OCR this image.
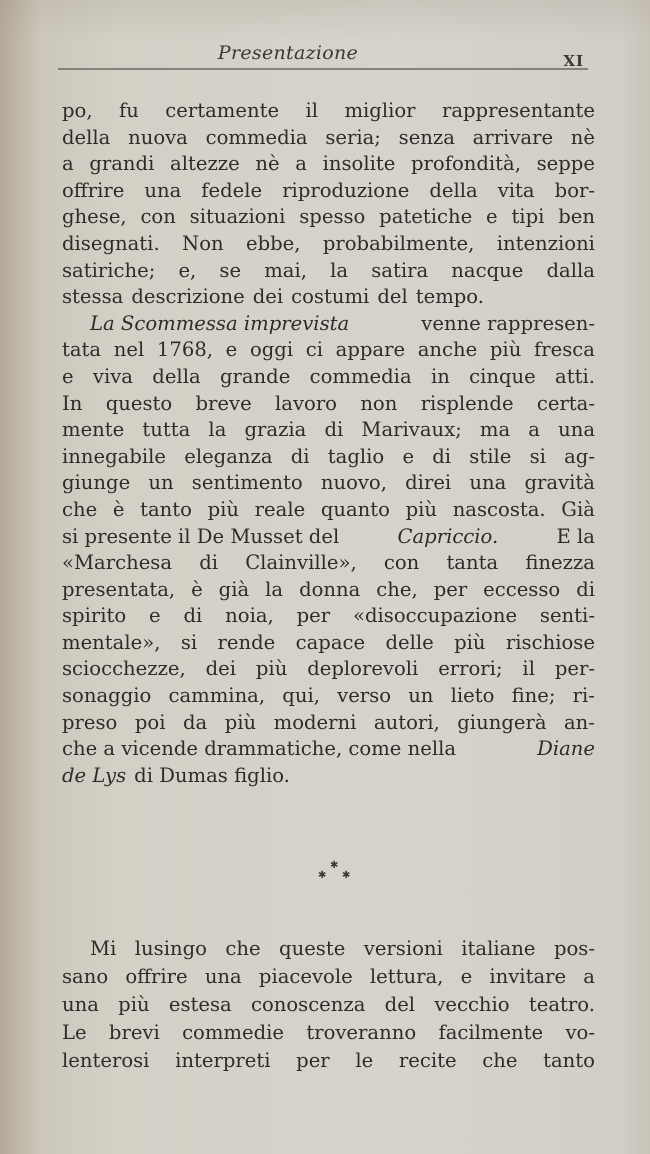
Presentazione	XI
po, fu certamente il miglior rappresentante
della nuova commedia seria; senza arrivare nè
a grandi altezze nè a insolite profondità, seppe
offrire una fedele riproduzione della vita bor-
ghese, con situazioni spesso patetiche e tipi ben
disegnati. Non ebbe, probabilmente, intenzioni
satiriche; e, se mai, la satira nacque dalla
stessa descrizione dei costumi del tempo.
La Scommessa imprevista	venne rappresen-
tata nel 1768, e oggi ci appare anche più fresca
e viva della grande commedia in cinque atti.
In questo breve lavoro non risplende certa-
mente tutta la grazia di Marivaux; ma a una
innegabile eleganza di taglio e di stile si ag-
giunge un sentimento nuovo, direi una gravità
che è tanto più reale quanto più nascosta. Già
si presente il De Musset del	Capriccio.	E la
«Marchesa di Clainville», con tanta finezza
presentata, è già la donna che, per eccesso di
spirito e di noia, per «disoccupazione senti-
mentale», si rende capace delle più rischiose
sciocchezze, dei più deplorevoli errori; il per-
sonaggio cammina, qui, verso un lieto fine; ri-
preso poi da più moderni autori, giungerà an-
che a vicende drammatiche, come nella	Diane
de Lys di Dumas figlio.
✱
✱ ✱
Mi lusingo che queste versioni italiane pos-
sano offrire una piacevole lettura, e invitare a
una più estesa conoscenza del vecchio teatro.
Le brevi commedie troveranno facilmente vo-
lenterosi interpreti per le recite che tanto
